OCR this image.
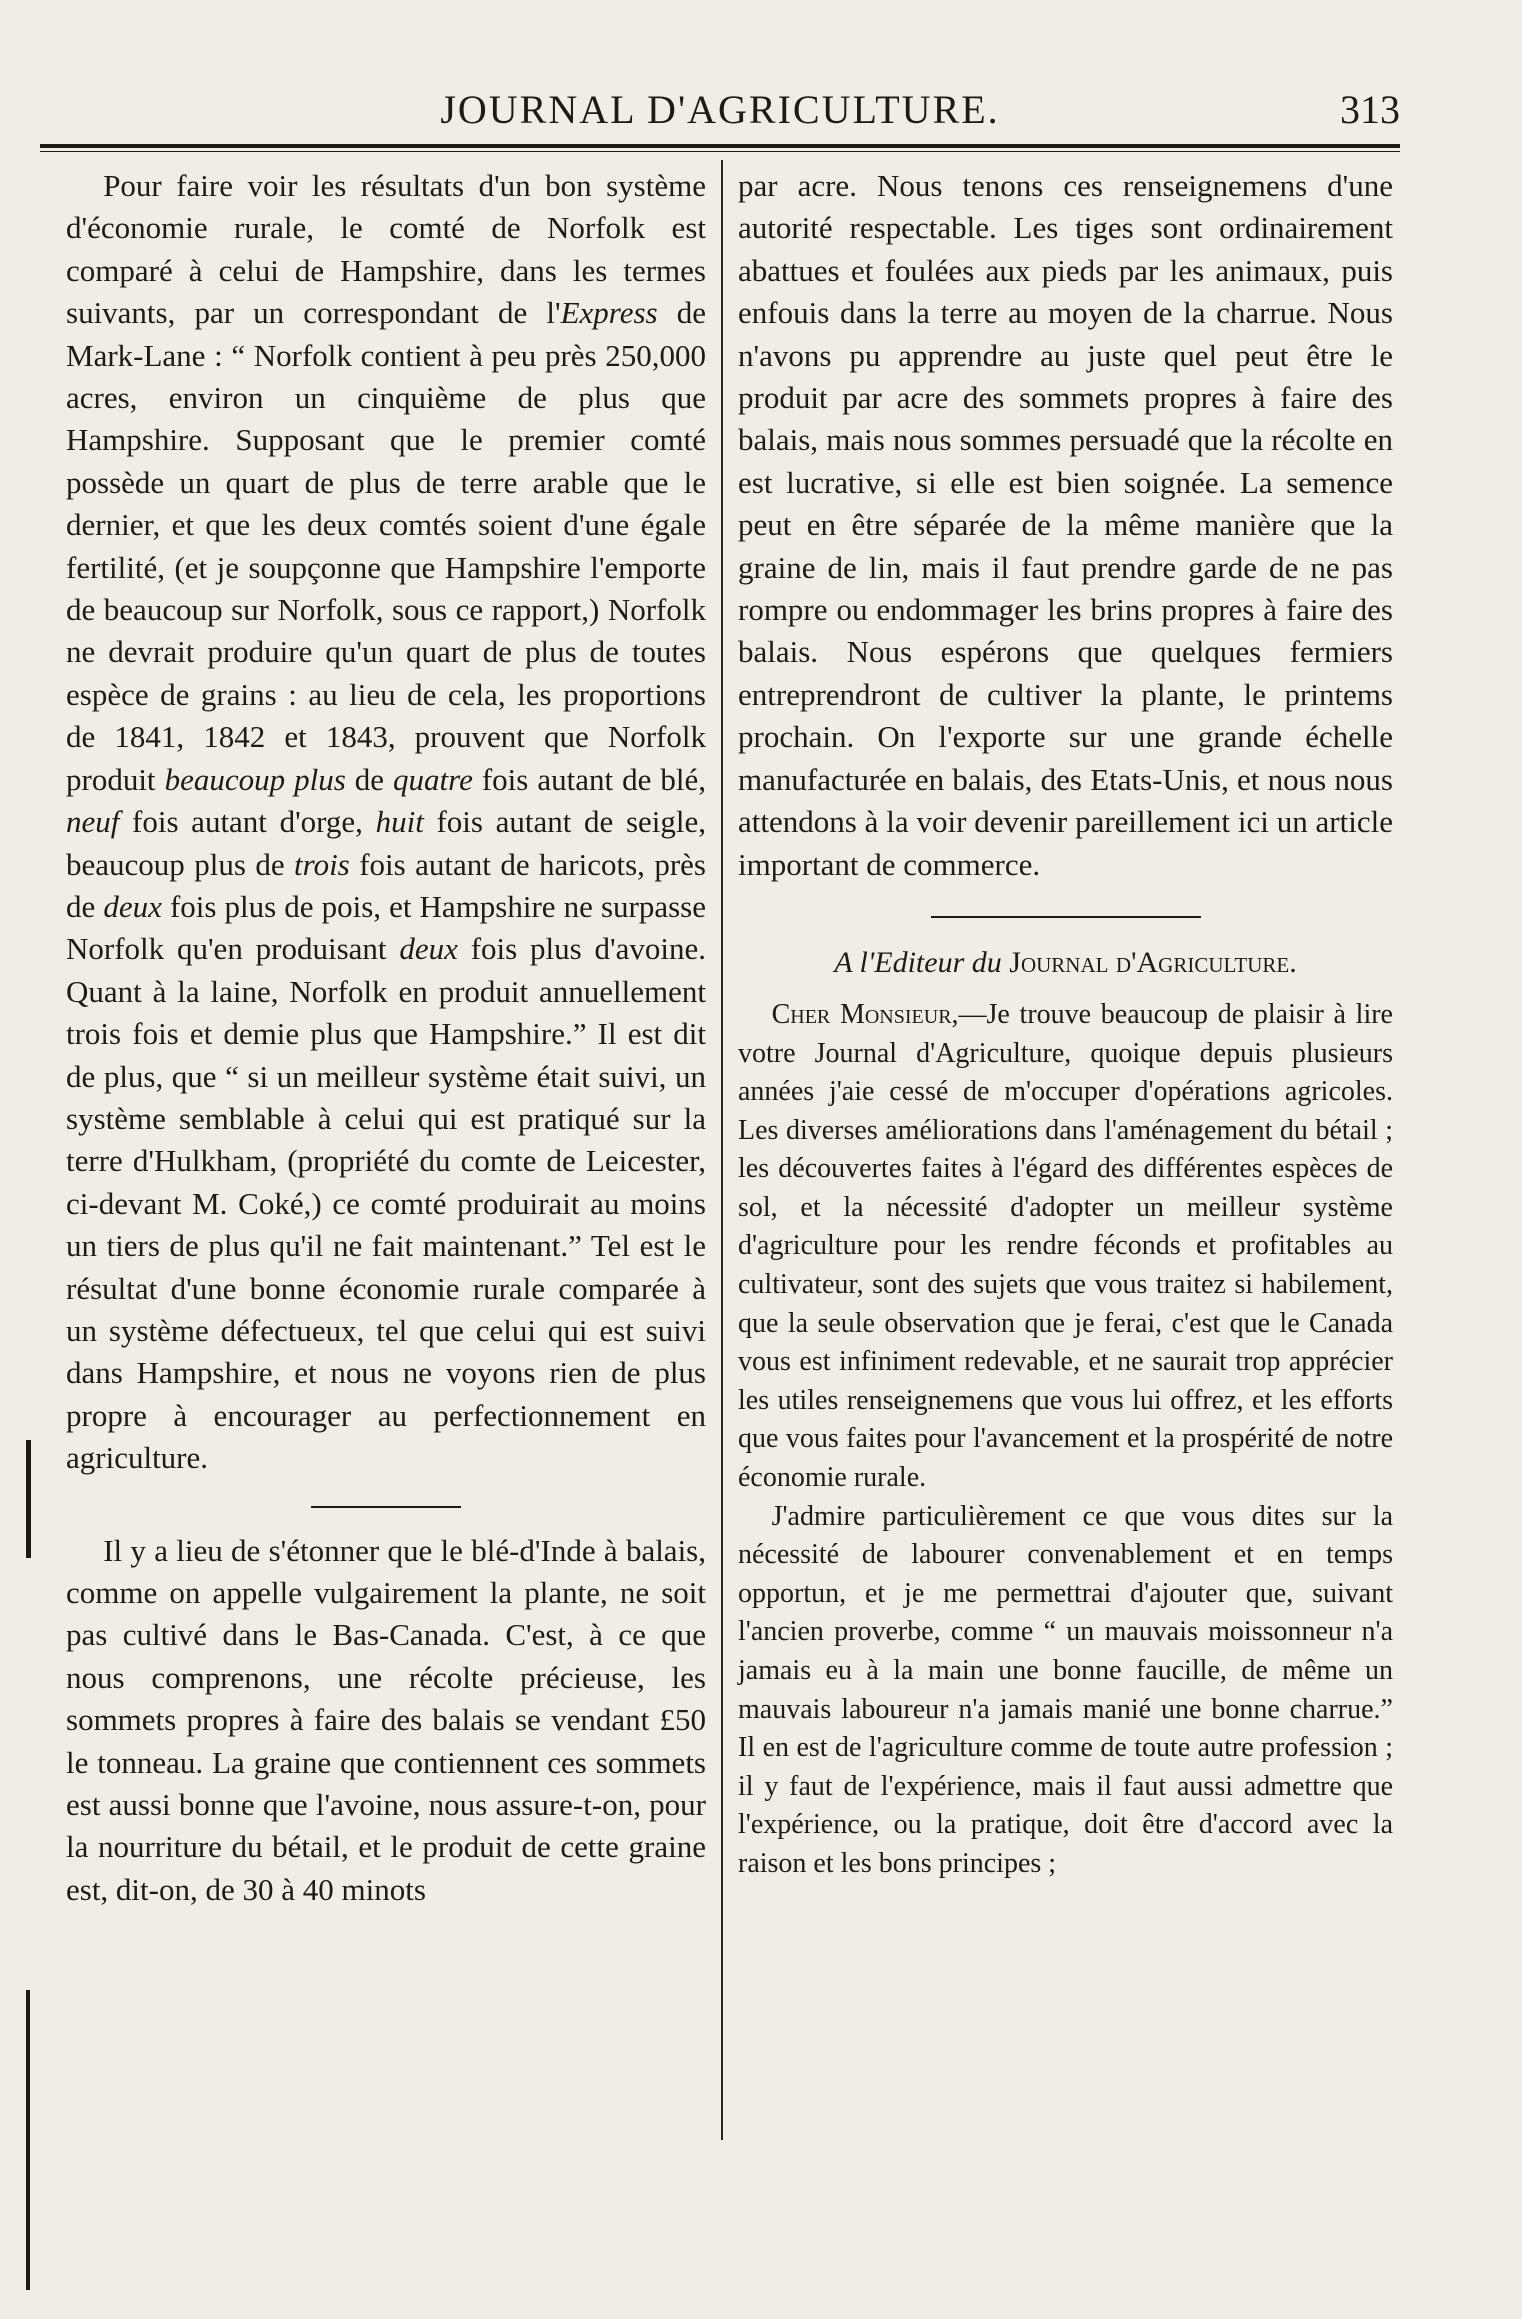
JOURNAL D'AGRICULTURE.	313

Pour faire voir les résultats d'un bon système d'économie rurale, le comté de Norfolk est comparé à celui de Hampshire, dans les termes suivants, par un correspondant de l'Express de Mark-Lane : “ Norfolk contient à peu près 250,000 acres, environ un cinquième de plus que Hampshire. Supposant que le premier comté possède un quart de plus de terre arable que le dernier, et que les deux comtés soient d'une égale fertilité, (et je soupçonne que Hampshire l'emporte de beaucoup sur Norfolk, sous ce rapport,) Norfolk ne devrait produire qu'un quart de plus de toutes espèce de grains : au lieu de cela, les proportions de 1841, 1842 et 1843, prouvent que Norfolk produit beaucoup plus de quatre fois autant de blé, neuf fois autant d'orge, huit fois autant de seigle, beaucoup plus de trois fois autant de haricots, près de deux fois plus de pois, et Hampshire ne surpasse Norfolk qu'en produisant deux fois plus d'avoine. Quant à la laine, Norfolk en produit annuellement trois fois et demie plus que Hampshire.” Il est dit de plus, que “ si un meilleur système était suivi, un système semblable à celui qui est pratiqué sur la terre d'Hulkham, (propriété du comte de Leicester, ci-devant M. Coké,) ce comté produirait au moins un tiers de plus qu'il ne fait maintenant.” Tel est le résultat d'une bonne économie rurale comparée à un système défectueux, tel que celui qui est suivi dans Hampshire, et nous ne voyons rien de plus propre à encourager au perfectionnement en agriculture.

Il y a lieu de s'étonner que le blé-d'Inde à balais, comme on appelle vulgairement la plante, ne soit pas cultivé dans le Bas-Canada. C'est, à ce que nous comprenons, une récolte précieuse, les sommets propres à faire des balais se vendant £50 le tonneau. La graine que contiennent ces sommets est aussi bonne que l'avoine, nous assure-t-on, pour la nourriture du bétail, et le produit de cette graine est, dit-on, de 30 à 40 minots

par acre. Nous tenons ces renseignemens d'une autorité respectable. Les tiges sont ordinairement abattues et foulées aux pieds par les animaux, puis enfouis dans la terre au moyen de la charrue. Nous n'avons pu apprendre au juste quel peut être le produit par acre des sommets propres à faire des balais, mais nous sommes persuadé que la récolte en est lucrative, si elle est bien soignée. La semence peut en être séparée de la même manière que la graine de lin, mais il faut prendre garde de ne pas rompre ou endommager les brins propres à faire des balais. Nous espérons que quelques fermiers entreprendront de cultiver la plante, le printems prochain. On l'exporte sur une grande échelle manufacturée en balais, des Etats-Unis, et nous nous attendons à la voir devenir pareillement ici un article important de commerce.

A l'Editeur du Journal d'Agriculture.

Cher Monsieur,—Je trouve beaucoup de plaisir à lire votre Journal d'Agriculture, quoique depuis plusieurs années j'aie cessé de m'occuper d'opérations agricoles. Les diverses améliorations dans l'aménagement du bétail ; les découvertes faites à l'égard des différentes espèces de sol, et la nécessité d'adopter un meilleur système d'agriculture pour les rendre féconds et profitables au cultivateur, sont des sujets que vous traitez si habilement, que la seule observation que je ferai, c'est que le Canada vous est infiniment redevable, et ne saurait trop apprécier les utiles renseignemens que vous lui offrez, et les efforts que vous faites pour l'avancement et la prospérité de notre économie rurale.

J'admire particulièrement ce que vous dites sur la nécessité de labourer convenablement et en temps opportun, et je me permettrai d'ajouter que, suivant l'ancien proverbe, comme “ un mauvais moissonneur n'a jamais eu à la main une bonne faucille, de même un mauvais laboureur n'a jamais manié une bonne charrue.” Il en est de l'agriculture comme de toute autre profession ; il y faut de l'expérience, mais il faut aussi admettre que l'expérience, ou la pratique, doit être d'accord avec la raison et les bons principes ;
